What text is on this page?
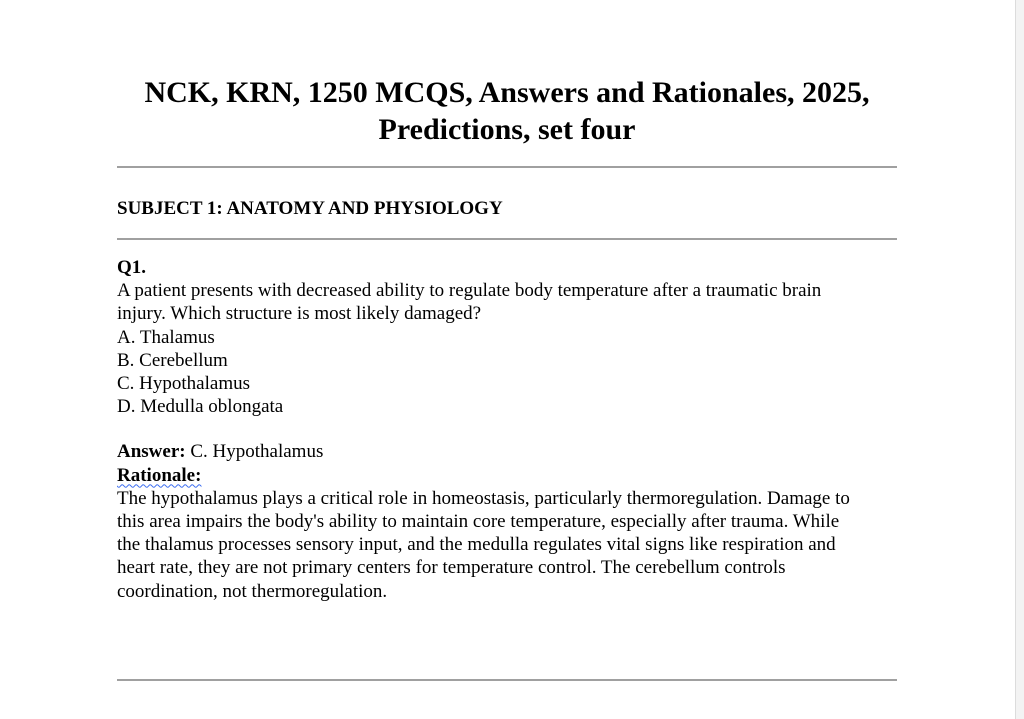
NCK, KRN, 1250 MCQS, Answers and Rationales, 2025,
Predictions, set four
SUBJECT 1: ANATOMY AND PHYSIOLOGY

Q1.

A patient presents with decreased ability to regulate body temperature after a traumatic brain

injury. Which structure is most likely damaged?

A. Thalamus

B. Cerebellum

C. Hypothalamus

D. Medulla oblongata

Answer: C. Hypothalamus

Rationale:

The hypothalamus plays a critical role in homeostasis, particularly thermoregulation. Damage to

this area impairs the body's ability to maintain core temperature, especially after trauma. While

the thalamus processes sensory input, and the medulla regulates vital signs like respiration and

heart rate, they are not primary centers for temperature control. The cerebellum controls

coordination, not thermoregulation.
